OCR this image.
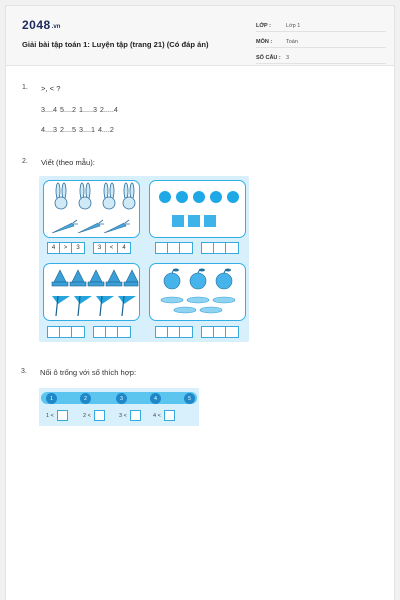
2048.vn
Giải bài tập toán 1: Luyện tập (trang 21) (Có đáp án)
LỚP :	Lớp 1
MÔN :	Toán
SỐ CÂU : 3
1. >, < ?
3....4 5....2 1.....3 2.....4
4....3 2....5 3....1 4....2
2. Viết (theo mẫu):
4	>	3	3	<	4
3. Nối ô trống với số thích hợp:
1	2	3	4	5
1 <	2 <	3 <	4 <
